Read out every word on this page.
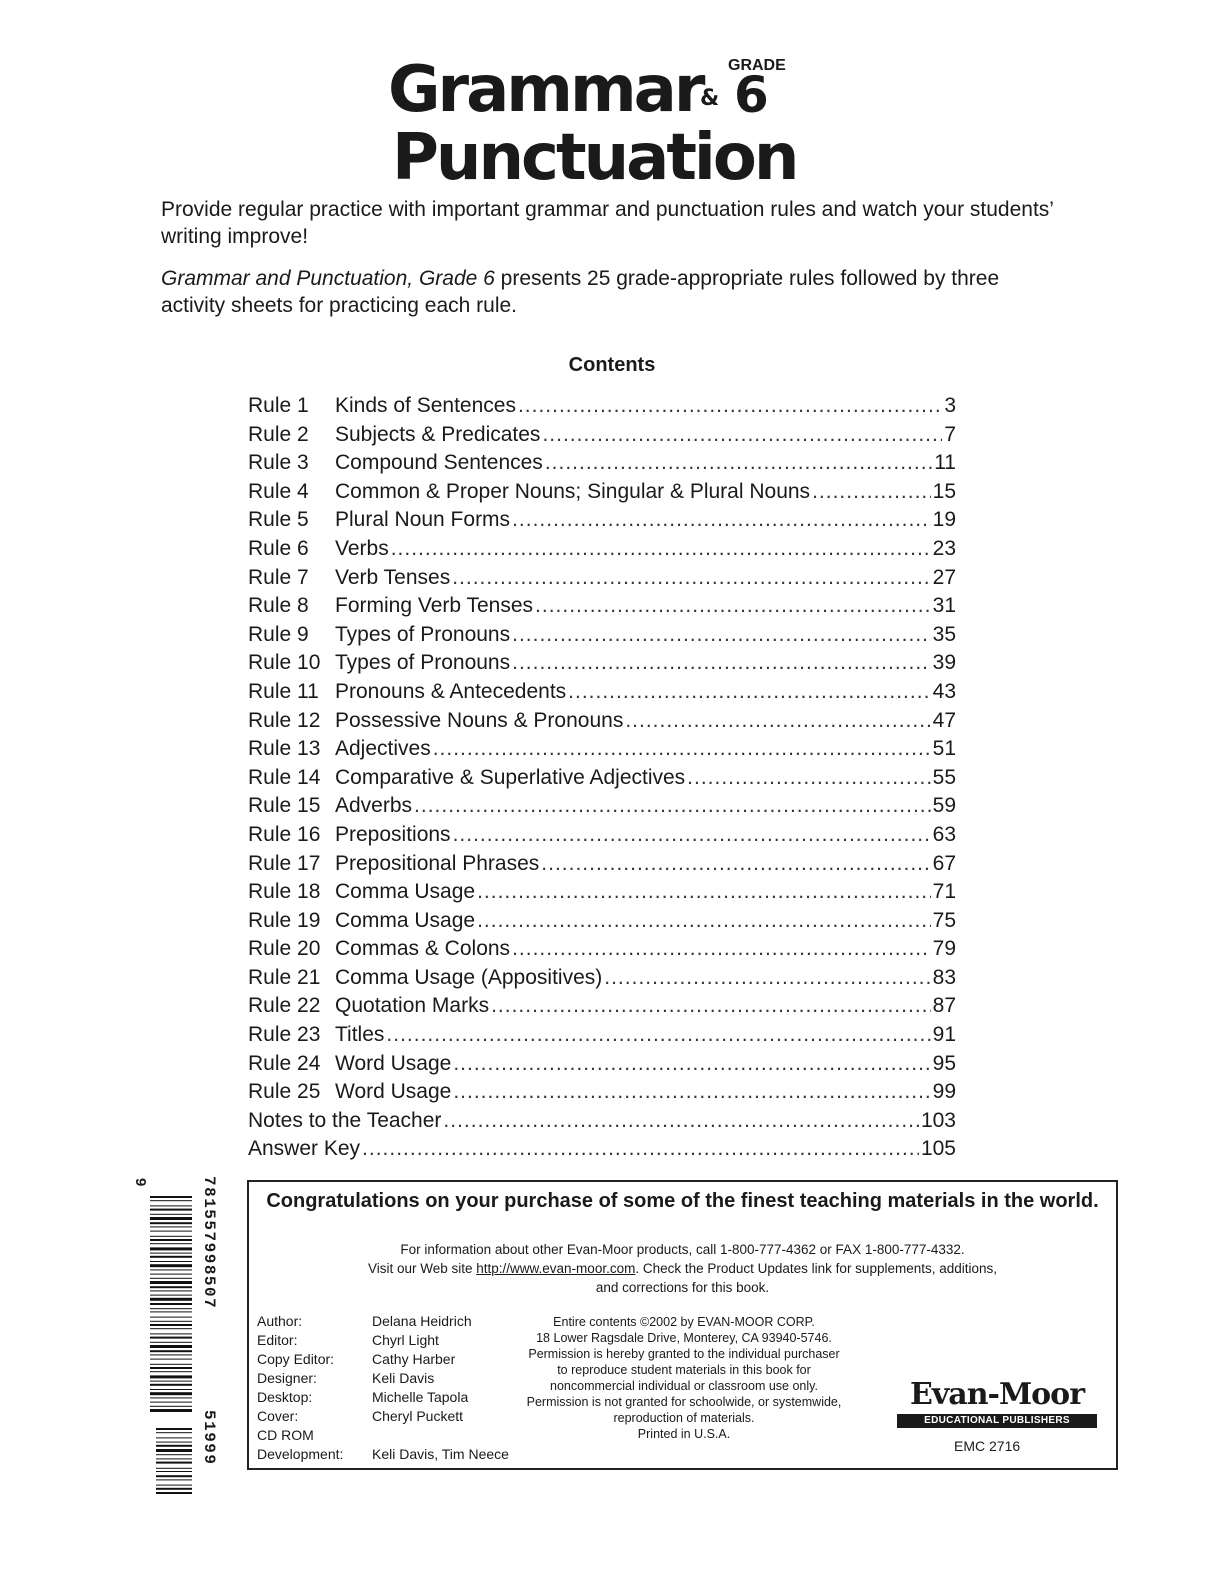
Grammar
&
GRADE
6
Punctuation

Provide regular practice with important grammar and punctuation rules and watch your students’ writing improve!

Grammar and Punctuation, Grade 6 presents 25 grade-appropriate rules followed by three activity sheets for practicing each rule.

Contents
Rule 1	Kinds of Sentences .....	3
Rule 2	Subjects & Predicates .....	7
Rule 3	Compound Sentences .....	11
Rule 4	Common & Proper Nouns; Singular & Plural Nouns .....	15
Rule 5	Plural Noun Forms .....	19
Rule 6	Verbs .....	23
Rule 7	Verb Tenses .....	27
Rule 8	Forming Verb Tenses .....	31
Rule 9	Types of Pronouns .....	35
Rule 10 Types of Pronouns .....	39
Rule 11 Pronouns & Antecedents .....	43
Rule 12 Possessive Nouns & Pronouns .....	47
Rule 13 Adjectives .....	51
Rule 14 Comparative & Superlative Adjectives .....	55
Rule 15 Adverbs .....	59
Rule 16 Prepositions .....	63
Rule 17 Prepositional Phrases .....	67
Rule 18 Comma Usage .....	71
Rule 19 Comma Usage .....	75
Rule 20 Commas & Colons .....	79
Rule 21 Comma Usage (Appositives) .....	83
Rule 22 Quotation Marks .....	87
Rule 23 Titles .....	91
Rule 24 Word Usage .....	95
Rule 25 Word Usage .....	99
Notes to the Teacher .....	103
Answer Key .....	105
78155799850751999
9
Congratulations on your purchase of some of the finest teaching materials in the world.
For information about other Evan-Moor products, call 1-800-777-4362 or FAX 1-800-777-4332.
Visit our Web site http://www.evan-moor.com. Check the Product Updates link for supplements, additions,
and corrections for this book.
Author:	Delana Heidrich
Editor:	Chyrl Light
Copy Editor:	Cathy Harber
Designer:	Keli Davis
Desktop:	Michelle Tapola
Cover:	Cheryl Puckett
CD ROM
Development:	Keli Davis, Tim Neece
Entire contents ©2002 by EVAN-MOOR CORP.
18 Lower Ragsdale Drive, Monterey, CA 93940-5746.
Permission is hereby granted to the individual purchaser
to reproduce student materials in this book for
noncommercial individual or classroom use only.
Permission is not granted for schoolwide, or systemwide,
reproduction of materials.
Printed in U.S.A.
Evan-Moor
EDUCATIONAL PUBLISHERS
EMC 2716
